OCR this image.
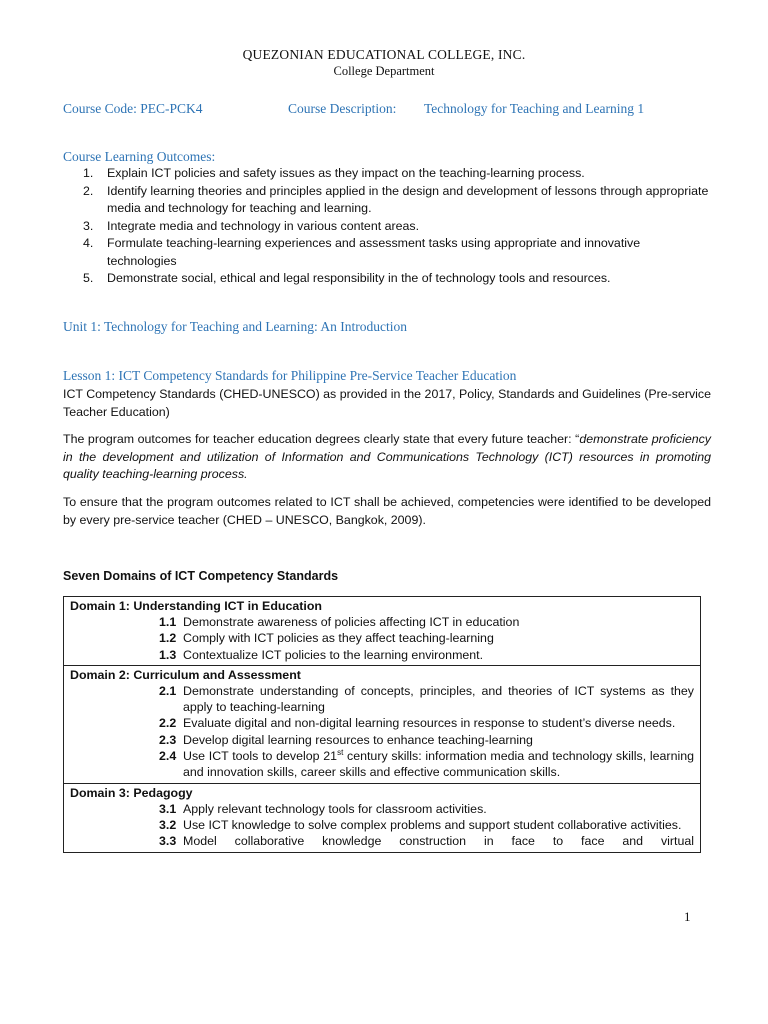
QUEZONIAN EDUCATIONAL COLLEGE, INC.
College Department
Course Code: PEC-PCK4	Course Description: Technology for Teaching and Learning 1
Course Learning Outcomes:
1. Explain ICT policies and safety issues as they impact on the teaching-learning process.
2. Identify learning theories and principles applied in the design and development of lessons through appropriate media and technology for teaching and learning.
3. Integrate media and technology in various content areas.
4. Formulate teaching-learning experiences and assessment tasks using appropriate and innovative technologies
5. Demonstrate social, ethical and legal responsibility in the of technology tools and resources.
Unit 1: Technology for Teaching and Learning: An Introduction
Lesson 1: ICT Competency Standards for Philippine Pre-Service Teacher Education
ICT Competency Standards (CHED-UNESCO) as provided in the 2017, Policy, Standards and Guidelines (Pre-service Teacher Education)
The program outcomes for teacher education degrees clearly state that every future teacher: “demonstrate proficiency in the development and utilization of Information and Communications Technology (ICT) resources in promoting quality teaching-learning process.
To ensure that the program outcomes related to ICT shall be achieved, competencies were identified to be developed by every pre-service teacher (CHED – UNESCO, Bangkok, 2009).
Seven Domains of ICT Competency Standards
Domain 1: Understanding ICT in Education
1.1 Demonstrate awareness of policies affecting ICT in education
1.2 Comply with ICT policies as they affect teaching-learning
1.3 Contextualize ICT policies to the learning environment.

Domain 2: Curriculum and Assessment
2.1 Demonstrate understanding of concepts, principles, and theories of ICT systems as they apply to teaching-learning
2.2 Evaluate digital and non-digital learning resources in response to student’s diverse needs.
2.3 Develop digital learning resources to enhance teaching-learning
2.4 Use ICT tools to develop 21st century skills: information media and technology skills, learning and innovation skills, career skills and effective communication skills.

Domain 3: Pedagogy
3.1 Apply relevant technology tools for classroom activities.
3.2 Use ICT knowledge to solve complex problems and support student collaborative activities.
3.3 Model collaborative knowledge construction in face to face and virtual
1
